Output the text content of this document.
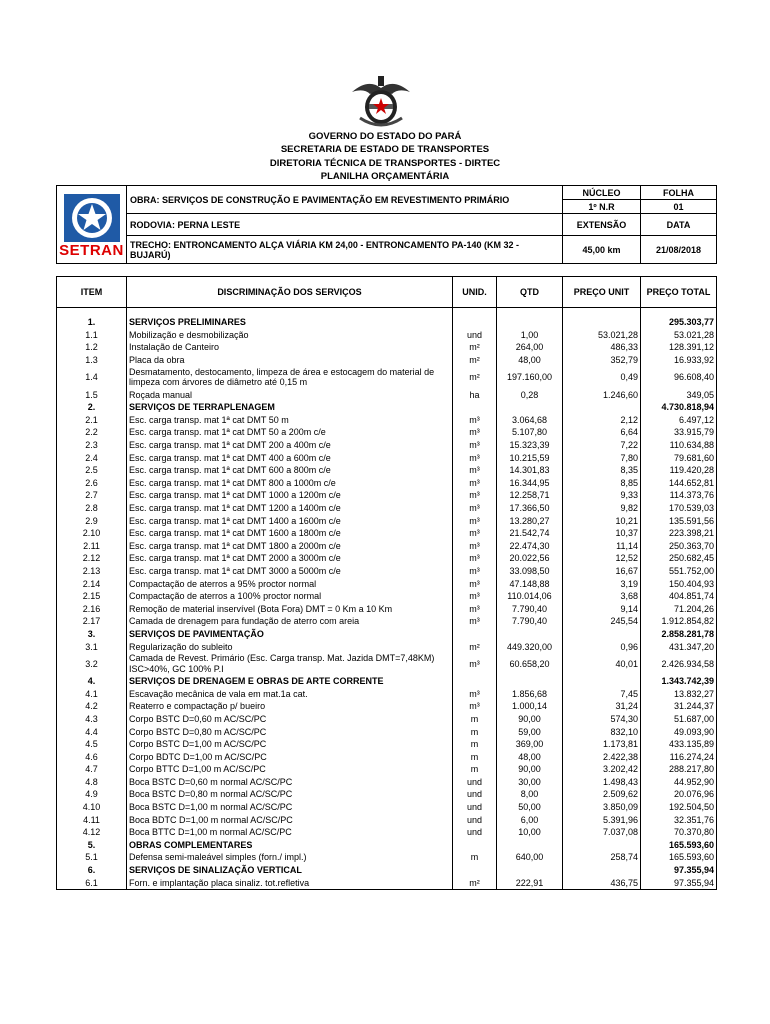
GOVERNO DO ESTADO DO PARÁ
SECRETARIA DE ESTADO DE TRANSPORTES
DIRETORIA TÉCNICA DE TRANSPORTES - DIRTEC
PLANILHA ORÇAMENTÁRIA
SETRAN	OBRA: SERVIÇOS DE CONSTRUÇÃO E PAVIMENTAÇÃO EM REVESTIMENTO PRIMÁRIO	NÚCLEO	FOLHA
		1º N.R	01
	RODOVIA: PERNA LESTE	EXTENSÃO	DATA
	TRECHO: ENTRONCAMENTO ALÇA VIÁRIA KM 24,00 - ENTRONCAMENTO PA-140 (KM 32 - BUJARÚ)	45,00 km	21/08/2018
ITEM	DISCRIMINAÇÃO DOS SERVIÇOS	UNID.	QTD	PREÇO UNIT	PREÇO TOTAL

1.	SERVIÇOS PRELIMINARES				295.303,77
1.1	Mobilização e desmobilização	und	1,00	53.021,28	53.021,28
1.2	Instalação de Canteiro	m²	264,00	486,33	128.391,12
1.3	Placa da obra	m²	48,00	352,79	16.933,92
1.4	Desmatamento, destocamento, limpeza de área e estocagem do material de limpeza com árvores de diâmetro até 0,15 m	m²	197.160,00	0,49	96.608,40
1.5	Roçada manual	ha	0,28	1.246,60	349,05
2.	SERVIÇOS DE TERRAPLENAGEM				4.730.818,94
2.1	Esc. carga transp. mat 1ª cat DMT 50 m	m³	3.064,68	2,12	6.497,12
2.2	Esc. carga transp. mat 1ª cat DMT 50 a 200m c/e	m³	5.107,80	6,64	33.915,79
2.3	Esc. carga transp. mat 1ª cat DMT 200 a 400m c/e	m³	15.323,39	7,22	110.634,88
2.4	Esc. carga transp. mat 1ª cat DMT 400 a 600m c/e	m³	10.215,59	7,80	79.681,60
2.5	Esc. carga transp. mat 1ª cat DMT 600 a 800m c/e	m³	14.301,83	8,35	119.420,28
2.6	Esc. carga transp. mat 1ª cat DMT 800 a 1000m c/e	m³	16.344,95	8,85	144.652,81
2.7	Esc. carga transp. mat 1ª cat DMT 1000 a 1200m c/e	m³	12.258,71	9,33	114.373,76
2.8	Esc. carga transp. mat 1ª cat DMT 1200 a 1400m c/e	m³	17.366,50	9,82	170.539,03
2.9	Esc. carga transp. mat 1ª cat DMT 1400 a 1600m c/e	m³	13.280,27	10,21	135.591,56
2.10	Esc. carga transp. mat 1ª cat DMT 1600 a 1800m c/e	m³	21.542,74	10,37	223.398,21
2.11	Esc. carga transp. mat 1ª cat DMT 1800 a 2000m c/e	m³	22.474,30	11,14	250.363,70
2.12	Esc. carga transp. mat 1ª cat DMT 2000 a 3000m c/e	m³	20.022,56	12,52	250.682,45
2.13	Esc. carga transp. mat 1ª cat DMT 3000 a 5000m c/e	m³	33.098,50	16,67	551.752,00
2.14	Compactação de aterros a 95% proctor normal	m³	47.148,88	3,19	150.404,93
2.15	Compactação de aterros a 100% proctor normal	m³	110.014,06	3,68	404.851,74
2.16	Remoção de material inservível (Bota Fora) DMT = 0 Km a 10 Km	m³	7.790,40	9,14	71.204,26
2.17	Camada de drenagem para fundação de aterro com areia	m³	7.790,40	245,54	1.912.854,82
3.	SERVIÇOS DE PAVIMENTAÇÃO				2.858.281,78
3.1	Regularização do subleito	m²	449.320,00	0,96	431.347,20
3.2	Camada de Revest. Primário (Esc. Carga transp. Mat. Jazida DMT=7,48KM) ISC>40%, GC 100% P.I	m³	60.658,20	40,01	2.426.934,58
4.	SERVIÇOS DE DRENAGEM E OBRAS DE ARTE CORRENTE				1.343.742,39
4.1	Escavação mecânica de vala em mat.1a cat.	m³	1.856,68	7,45	13.832,27
4.2	Reaterro e compactação p/ bueiro	m³	1.000,14	31,24	31.244,37
4.3	Corpo BSTC D=0,60 m AC/SC/PC	m	90,00	574,30	51.687,00
4.4	Corpo BSTC D=0,80 m AC/SC/PC	m	59,00	832,10	49.093,90
4.5	Corpo BSTC D=1,00 m AC/SC/PC	m	369,00	1.173,81	433.135,89
4.6	Corpo BDTC D=1,00 m AC/SC/PC	m	48,00	2.422,38	116.274,24
4.7	Corpo BTTC D=1,00 m AC/SC/PC	m	90,00	3.202,42	288.217,80
4.8	Boca BSTC D=0,60 m normal AC/SC/PC	und	30,00	1.498,43	44.952,90
4.9	Boca BSTC D=0,80 m normal AC/SC/PC	und	8,00	2.509,62	20.076,96
4.10	Boca BSTC D=1,00 m normal AC/SC/PC	und	50,00	3.850,09	192.504,50
4.11	Boca BDTC D=1,00 m normal AC/SC/PC	und	6,00	5.391,96	32.351,76
4.12	Boca BTTC D=1,00 m normal AC/SC/PC	und	10,00	7.037,08	70.370,80
5.	OBRAS COMPLEMENTARES				165.593,60
5.1	Defensa semi-maleável simples (forn./ impl.)	m	640,00	258,74	165.593,60
6.	SERVIÇOS DE SINALIZAÇÃO VERTICAL				97.355,94
6.1	Forn. e implantação placa sinaliz. tot.refletiva	m²	222,91	436,75	97.355,94
